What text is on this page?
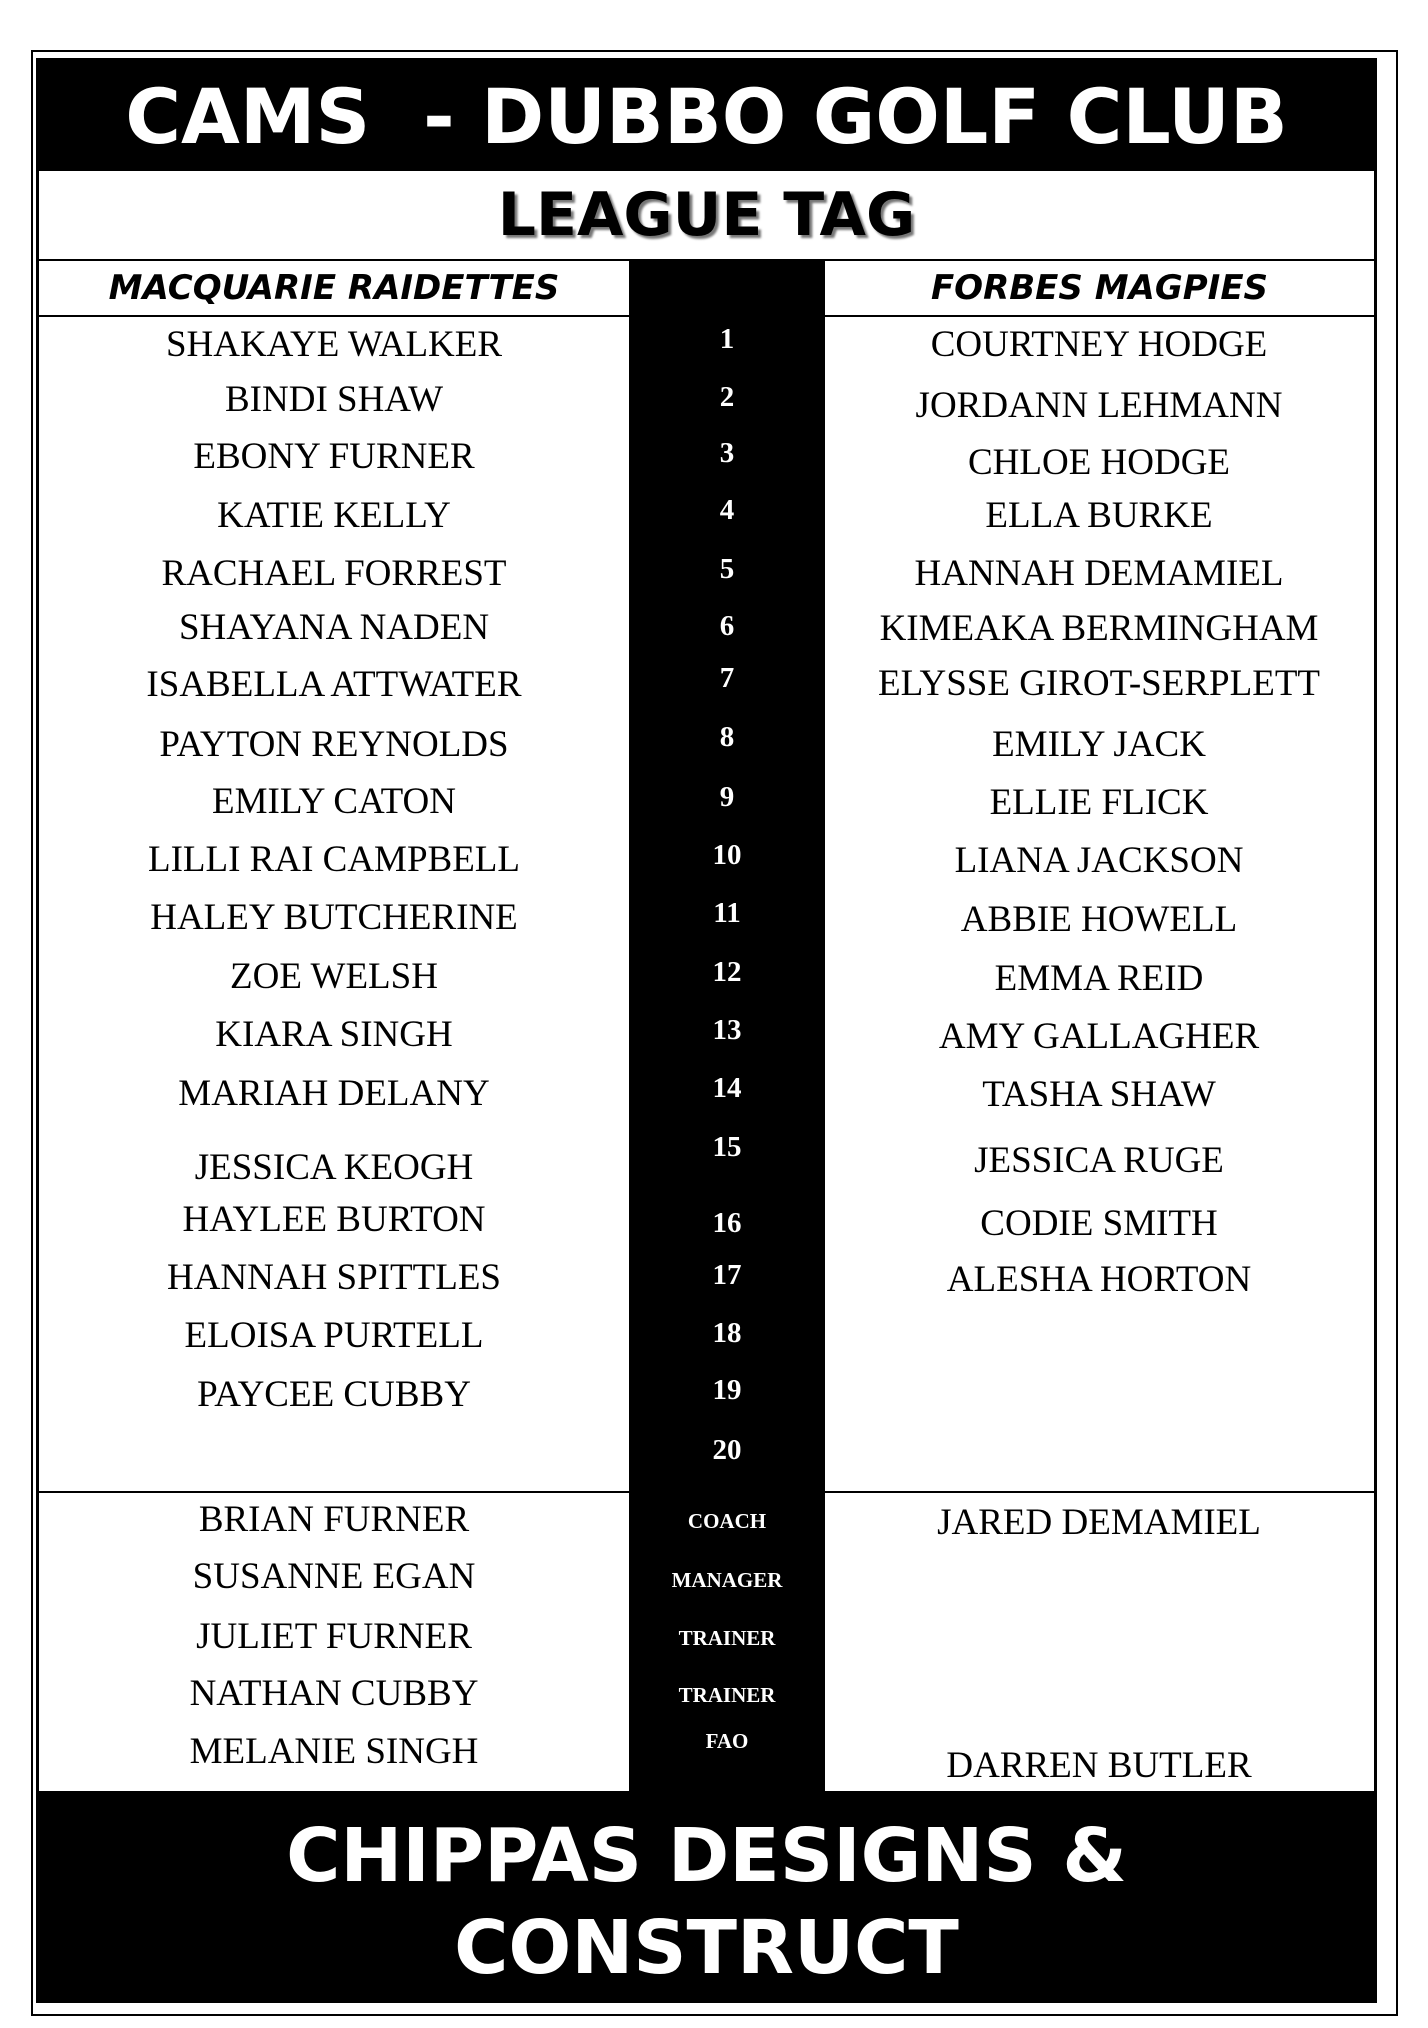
CAMS  - DUBBO GOLF CLUB
LEAGUE TAG
MACQUARIE RAIDETTES	FORBES MAGPIES
SHAKAYE WALKER
BINDI SHAW
EBONY FURNER
KATIE KELLY
RACHAEL FORREST
SHAYANA NADEN
ISABELLA ATTWATER
PAYTON REYNOLDS
EMILY CATON
LILLI RAI CAMPBELL
HALEY BUTCHERINE
ZOE WELSH
KIARA SINGH
MARIAH DELANY
JESSICA KEOGH
HAYLEE BURTON
HANNAH SPITTLES
ELOISA PURTELL
PAYCEE CUBBY
1
2
3
4
5
6
7
8
9
10
11
12
13
14
15
16
17
18
19
20
COURTNEY HODGE
JORDANN LEHMANN
CHLOE HODGE
ELLA BURKE
HANNAH DEMAMIEL
KIMEAKA BERMINGHAM
ELYSSE GIROT-SERPLETT
EMILY JACK
ELLIE FLICK
LIANA JACKSON
ABBIE HOWELL
EMMA REID
AMY GALLAGHER
TASHA SHAW
JESSICA RUGE
CODIE SMITH
ALESHA HORTON
BRIAN FURNER
SUSANNE EGAN
JULIET FURNER
NATHAN CUBBY
MELANIE SINGH
COACH
MANAGER
TRAINER
TRAINER
FAO
JARED DEMAMIEL
DARREN BUTLER
CHIPPAS DESIGNS &
CONSTRUCT
